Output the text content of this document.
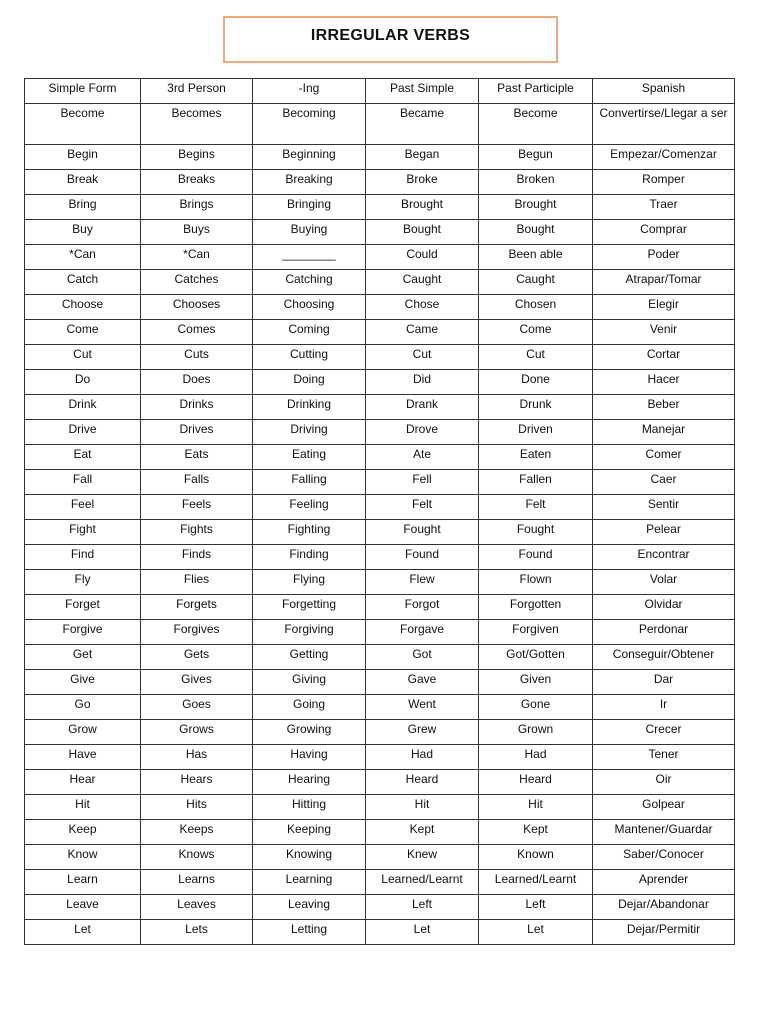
IRREGULAR VERBS
Simple Form	3rd Person	-Ing	Past Simple	Past Participle	Spanish
Become	Becomes	Becoming	Became	Become	Convertirse/Llegar a ser
Begin	Begins	Beginning	Began	Begun	Empezar/Comenzar
Break	Breaks	Breaking	Broke	Broken	Romper
Bring	Brings	Bringing	Brought	Brought	Traer
Buy	Buys	Buying	Bought	Bought	Comprar
*Can	*Can	________	Could	Been able	Poder
Catch	Catches	Catching	Caught	Caught	Atrapar/Tomar
Choose	Chooses	Choosing	Chose	Chosen	Elegir
Come	Comes	Coming	Came	Come	Venir
Cut	Cuts	Cutting	Cut	Cut	Cortar
Do	Does	Doing	Did	Done	Hacer
Drink	Drinks	Drinking	Drank	Drunk	Beber
Drive	Drives	Driving	Drove	Driven	Manejar
Eat	Eats	Eating	Ate	Eaten	Comer
Fall	Falls	Falling	Fell	Fallen	Caer
Feel	Feels	Feeling	Felt	Felt	Sentir
Fight	Fights	Fighting	Fought	Fought	Pelear
Find	Finds	Finding	Found	Found	Encontrar
Fly	Flies	Flying	Flew	Flown	Volar
Forget	Forgets	Forgetting	Forgot	Forgotten	Olvidar
Forgive	Forgives	Forgiving	Forgave	Forgiven	Perdonar
Get	Gets	Getting	Got	Got/Gotten	Conseguir/Obtener
Give	Gives	Giving	Gave	Given	Dar
Go	Goes	Going	Went	Gone	Ir
Grow	Grows	Growing	Grew	Grown	Crecer
Have	Has	Having	Had	Had	Tener
Hear	Hears	Hearing	Heard	Heard	Oir
Hit	Hits	Hitting	Hit	Hit	Golpear
Keep	Keeps	Keeping	Kept	Kept	Mantener/Guardar
Know	Knows	Knowing	Knew	Known	Saber/Conocer
Learn	Learns	Learning	Learned/Learnt	Learned/Learnt	Aprender
Leave	Leaves	Leaving	Left	Left	Dejar/Abandonar
Let	Lets	Letting	Let	Let	Dejar/Permitir
